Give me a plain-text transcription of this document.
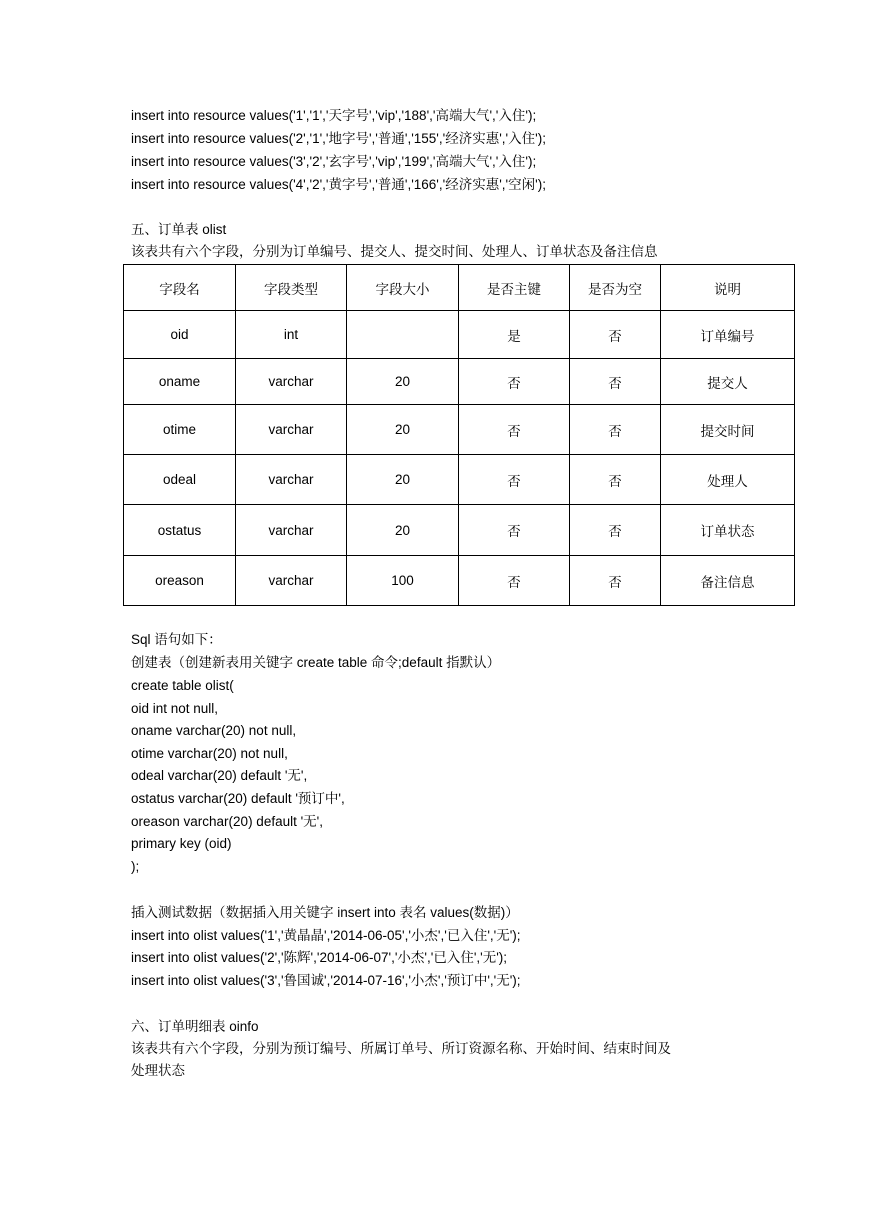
insert into resource values('1','1','天字号','vip','188','高端大气','入住');
insert into resource values('2','1','地字号','普通','155','经济实惠','入住');
insert into resource values('3','2','玄字号','vip','199','高端大气','入住');
insert into resource values('4','2','黄字号','普通','166','经济实惠','空闲');
五、订单表 olist
该表共有六个字段，分别为订单编号、提交人、提交时间、处理人、订单状态及备注信息
字段名	字段类型	字段大小	是否主键	是否为空	说明
oid	int		是	否	订单编号
oname	varchar	20	否	否	提交人
otime	varchar	20	否	否	提交时间
odeal	varchar	20	否	否	处理人
ostatus	varchar	20	否	否	订单状态
oreason	varchar	100	否	否	备注信息
Sql 语句如下：
创建表（创建新表用关键字 create table 命令;default 指默认）
create table olist(
oid int not null,
oname varchar(20) not null,
otime varchar(20) not null,
odeal varchar(20) default '无',
ostatus varchar(20) default '预订中',
oreason varchar(20) default '无',
primary key (oid)
);
插入测试数据（数据插入用关键字 insert into 表名 values(数据)）
insert into olist values('1','黄晶晶','2014-06-05','小杰','已入住','无');
insert into olist values('2','陈辉','2014-06-07','小杰','已入住','无');
insert into olist values('3','鲁国诚','2014-07-16','小杰','预订中','无');
六、订单明细表 oinfo
该表共有六个字段，分别为预订编号、所属订单号、所订资源名称、开始时间、结束时间及
处理状态
